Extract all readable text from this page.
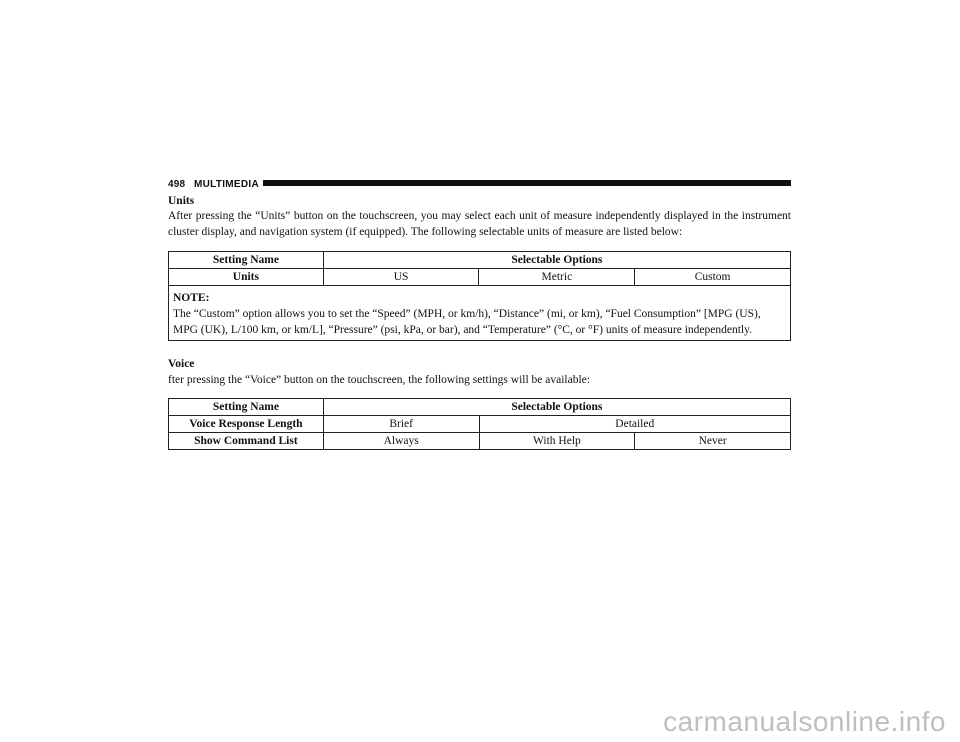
498 MULTIMEDIA
Units
After pressing the “Units” button on the touchscreen, you may select each unit of measure independently displayed in the instrument cluster display, and navigation system (if equipped). The following selectable units of measure are listed below:
Setting Name	Selectable Options		
Units	US	Metric	Custom

NOTE:
The “Custom” option allows you to set the “Speed” (MPH, or km/h), “Distance” (mi, or km), “Fuel Consumption” [MPG (US), MPG (UK), L/100 km, or km/L], “Pressure” (psi, kPa, or bar), and “Temperature” (°C, or °F) units of measure independently.			
Voice
fter pressing the “Voice” button on the touchscreen, the following settings will be available:
Setting Name	Selectable Options		
Voice Response Length	Brief	Detailed	
Show Command List	Always	With Help	Never
carmanualsonline.info
